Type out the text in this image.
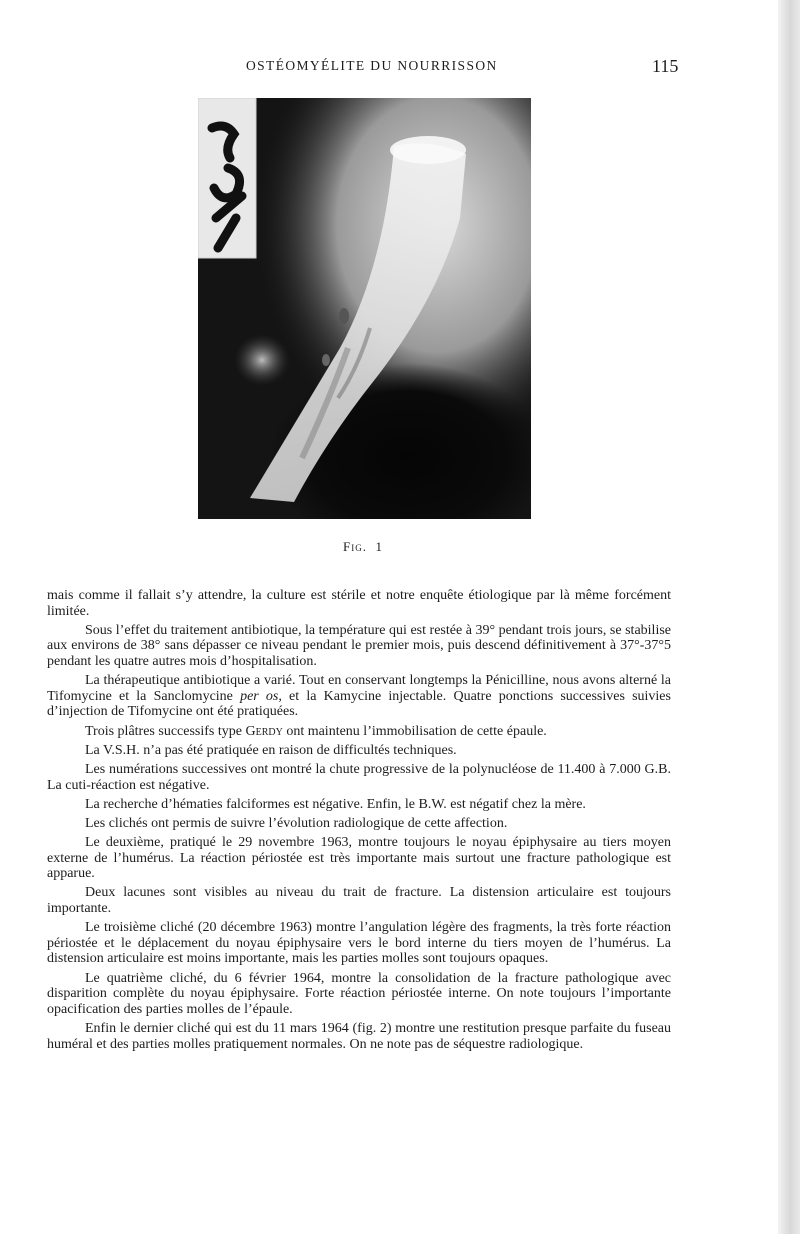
OSTÉOMYÉLITE DU NOURRISSON	115
Fig. 1

mais comme il fallait s’y attendre, la culture est stérile et notre enquête étiologique par là même forcément limitée.

Sous l’effet du traitement antibiotique, la température qui est restée à 39° pendant trois jours, se stabilise aux environs de 38° sans dépasser ce niveau pendant le premier mois, puis descend définitivement à 37°-37°5 pendant les quatre autres mois d’hospitalisation.

La thérapeutique antibiotique a varié. Tout en conservant longtemps la Pénicilline, nous avons alterné la Tifomycine et la Sanclomycine per os, et la Kamycine injectable. Quatre ponctions successives suivies d’injection de Tifomycine ont été pratiquées.

Trois plâtres successifs type Gerdy ont maintenu l’immobilisation de cette épaule.

La V.S.H. n’a pas été pratiquée en raison de difficultés techniques.

Les numérations successives ont montré la chute progressive de la polynucléose de 11.400 à 7.000 G.B. La cuti-réaction est négative.

La recherche d’hématies falciformes est négative. Enfin, le B.W. est négatif chez la mère.

Les clichés ont permis de suivre l’évolution radiologique de cette affection.

Le deuxième, pratiqué le 29 novembre 1963, montre toujours le noyau épiphysaire au tiers moyen externe de l’humérus. La réaction périostée est très importante mais surtout une fracture pathologique est apparue.

Deux lacunes sont visibles au niveau du trait de fracture. La distension articulaire est toujours importante.

Le troisième cliché (20 décembre 1963) montre l’angulation légère des fragments, la très forte réaction périostée et le déplacement du noyau épiphysaire vers le bord interne du tiers moyen de l’humérus. La distension articulaire est moins importante, mais les parties molles sont toujours opaques.

Le quatrième cliché, du 6 février 1964, montre la consolidation de la fracture pathologique avec disparition complète du noyau épiphysaire. Forte réaction périostée interne. On note toujours l’importante opacification des parties molles de l’épaule.

Enfin le dernier cliché qui est du 11 mars 1964 (fig. 2) montre une restitution presque parfaite du fuseau huméral et des parties molles pratiquement normales. On ne note pas de séquestre radiologique.
